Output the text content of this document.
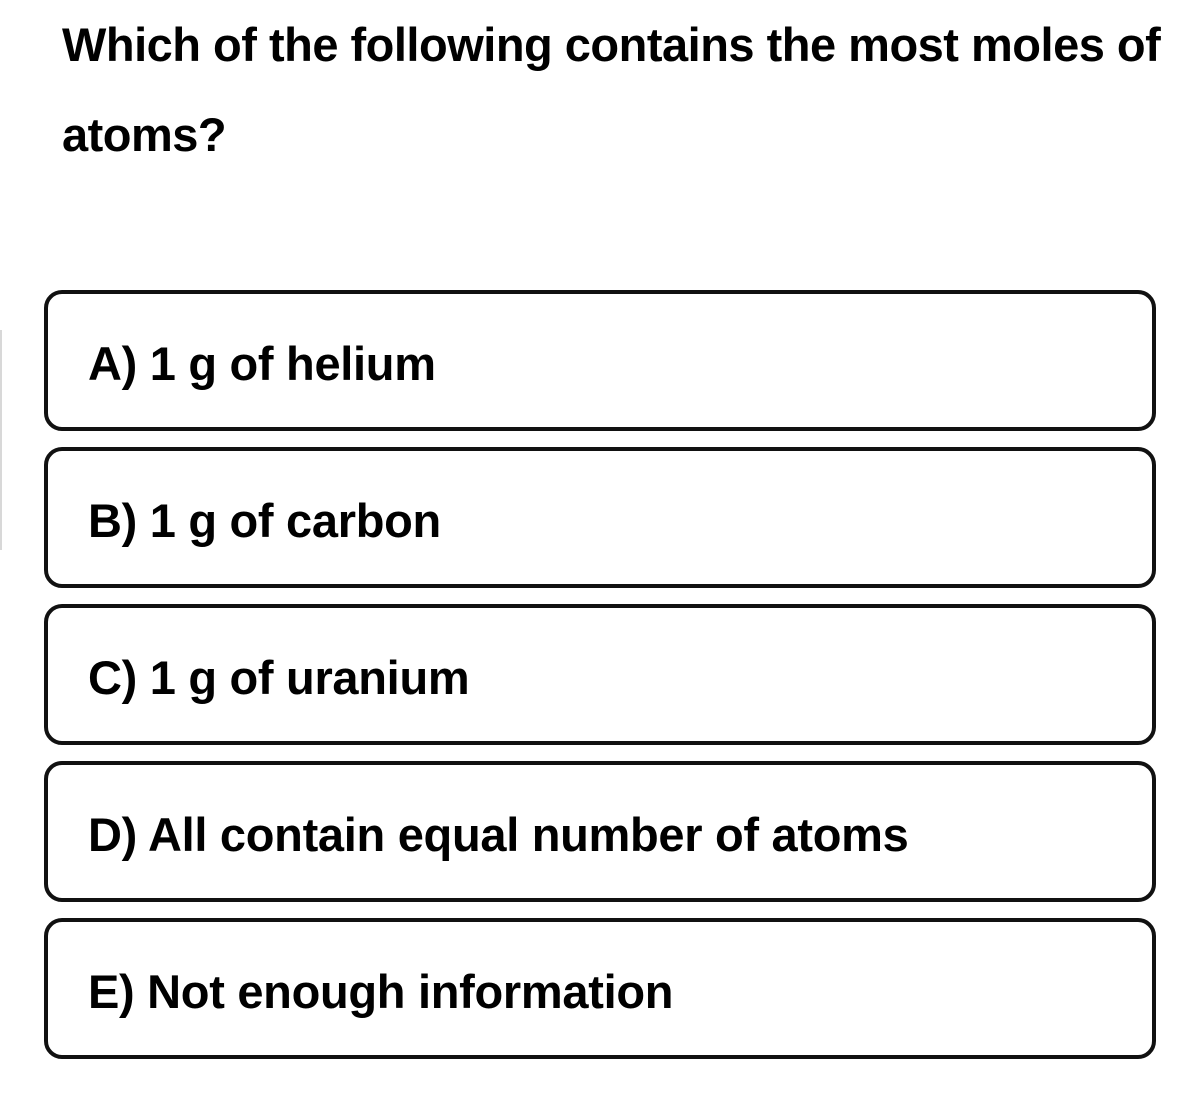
Which of the following contains the most moles of atoms?
A) 1 g of helium
B) 1 g of carbon
C) 1 g of uranium
D) All contain equal number of atoms
E) Not enough information
